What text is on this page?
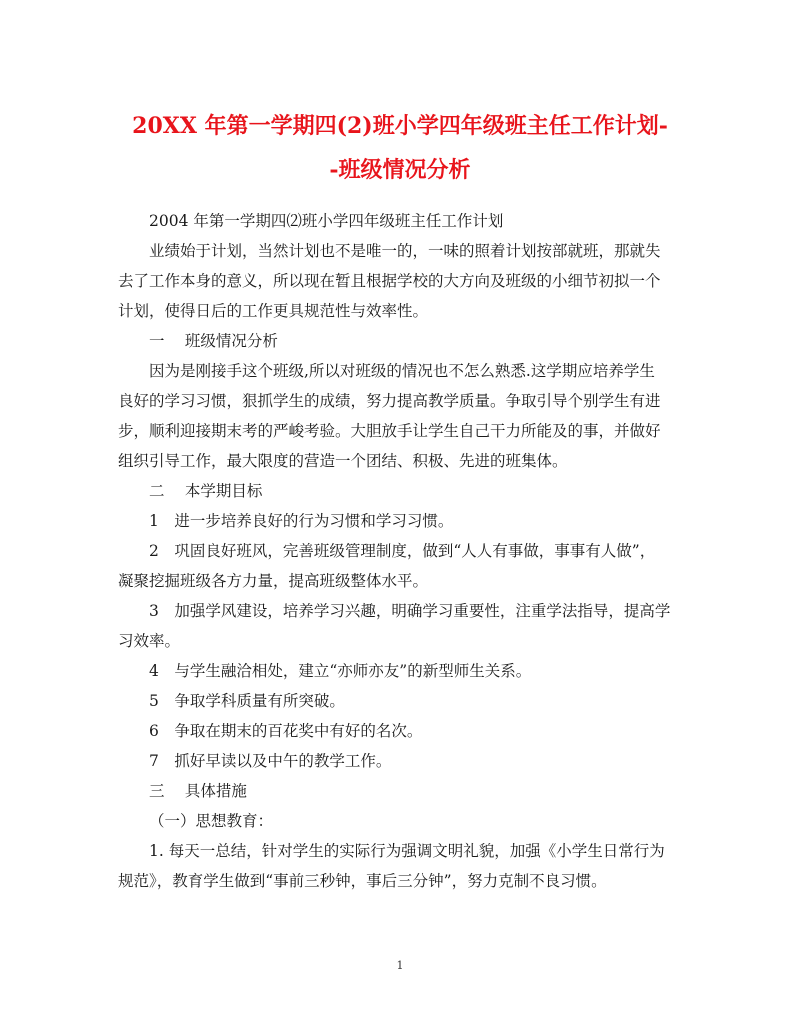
20XX 年第一学期四(2)班小学四年级班主任工作计划-
-班级情况分析

2004 年第一学期四⑵班小学四年级班主任工作计划

业绩始于计划，当然计划也不是唯一的，一味的照着计划按部就班，那就失
去了工作本身的意义，所以现在暂且根据学校的大方向及班级的小细节初拟一个
计划，使得日后的工作更具规范性与效率性。

一　 班级情况分析

因为是刚接手这个班级,所以对班级的情况也不怎么熟悉.这学期应培养学生
良好的学习习惯，狠抓学生的成绩，努力提高教学质量。争取引导个别学生有进
步，顺利迎接期末考的严峻考验。大胆放手让学生自己干力所能及的事，并做好
组织引导工作，最大限度的营造一个团结、积极、先进的班集体。

二　 本学期目标

1　进一步培养良好的行为习惯和学习习惯。

2　巩固良好班风，完善班级管理制度，做到“人人有事做，事事有人做”，
凝聚挖掘班级各方力量，提高班级整体水平。

3　加强学风建设，培养学习兴趣，明确学习重要性，注重学法指导，提高学
习效率。

4　与学生融洽相处，建立“亦师亦友”的新型师生关系。

5　争取学科质量有所突破。

6　争取在期末的百花奖中有好的名次。

7　抓好早读以及中午的教学工作。

三　 具体措施

（一）思想教育：

1. 每天一总结，针对学生的实际行为强调文明礼貌，加强《小学生日常行为
规范》，教育学生做到“事前三秒钟，事后三分钟”，努力克制不良习惯。

1
